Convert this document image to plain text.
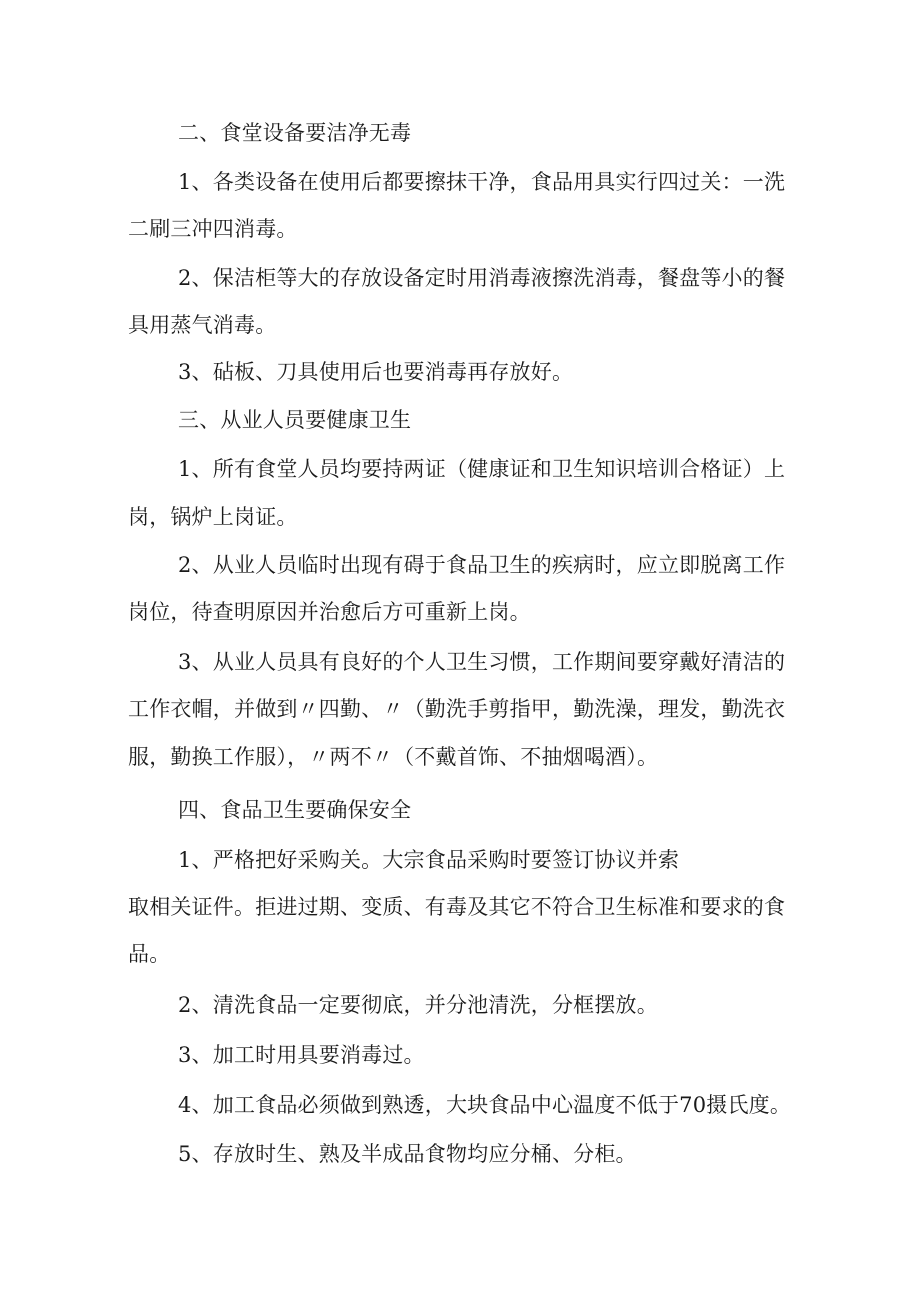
二、食堂设备要洁净无毒
1、各类设备在使用后都要擦抹干净，食品用具实行四过关：一洗
二刷三冲四消毒。
2、保洁柜等大的存放设备定时用消毒液擦洗消毒，餐盘等小的餐
具用蒸气消毒。
3、砧板、刀具使用后也要消毒再存放好。
三、从业人员要健康卫生
1、所有食堂人员均要持两证（健康证和卫生知识培训合格证）上
岗，锅炉上岗证。
2、从业人员临时出现有碍于食品卫生的疾病时，应立即脱离工作
岗位，待查明原因并治愈后方可重新上岗。
3、从业人员具有良好的个人卫生习惯，工作期间要穿戴好清洁的
工作衣帽，并做到〃四勤、〃（勤洗手剪指甲，勤洗澡，理发，勤洗衣
服，勤换工作服），〃两不〃（不戴首饰、不抽烟喝酒）。
四、食品卫生要确保安全
1、严格把好采购关。大宗食品采购时要签订协议并索
取相关证件。拒进过期、变质、有毒及其它不符合卫生标准和要求的食
品。
2、清洗食品一定要彻底，并分池清洗，分框摆放。
3、加工时用具要消毒过。
4、加工食品必须做到熟透，大块食品中心温度不低于70摄氏度。
5、存放时生、熟及半成品食物均应分桶、分柜。
